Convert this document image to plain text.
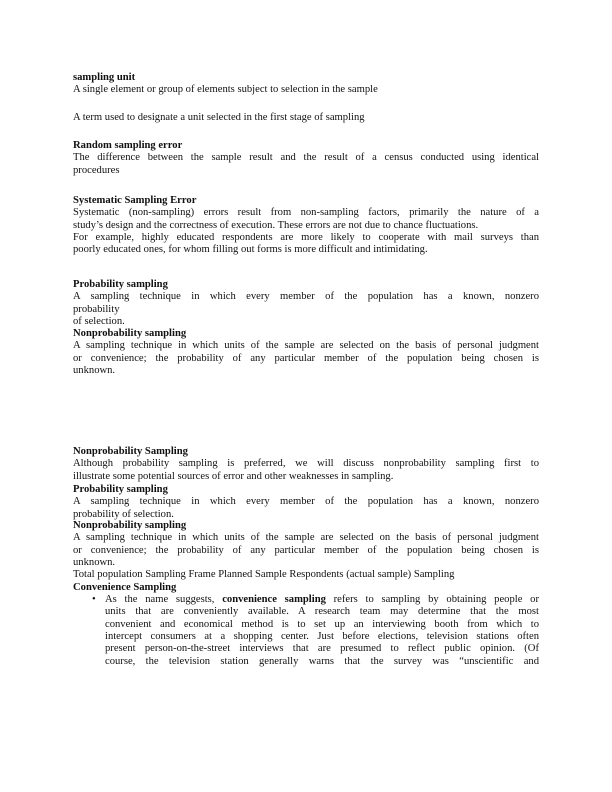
sampling unit
A single element or group of elements subject to selection in the sample
A term used to designate a unit selected in the first stage of sampling
Random sampling error
The difference between the sample result and the result of a census conducted using identical
procedures
Systematic Sampling Error
Systematic (non-sampling) errors result from non-sampling factors, primarily the nature of a
study’s design and the correctness of execution. These errors are not due to chance fluctuations.
For example, highly educated respondents are more likely to cooperate with mail surveys than
poorly educated ones, for whom filling out forms is more difficult and intimidating.
Probability sampling
A sampling technique in which every member of the population has a known, nonzero
probability
of selection.
Nonprobability sampling
A sampling technique in which units of the sample are selected on the basis of personal judgment
or convenience; the probability of any particular member of the population being chosen is
unknown.
Nonprobability Sampling
Although probability sampling is preferred, we will discuss nonprobability sampling first to
illustrate some potential sources of error and other weaknesses in sampling.
Probability sampling
A sampling technique in which every member of the population has a known, nonzero
probability of selection.
Nonprobability sampling
A sampling technique in which units of the sample are selected on the basis of personal judgment
or convenience; the probability of any particular member of the population being chosen is
unknown.
Total population Sampling Frame Planned Sample Respondents (actual sample) Sampling
Convenience Sampling
• As the name suggests, convenience sampling refers to sampling by obtaining people or
units that are conveniently available. A research team may determine that the most
convenient and economical method is to set up an interviewing booth from which to
intercept consumers at a shopping center. Just before elections, television stations often
present person-on-the-street interviews that are presumed to reflect public opinion. (Of
course, the television station generally warns that the survey was “unscientific and
